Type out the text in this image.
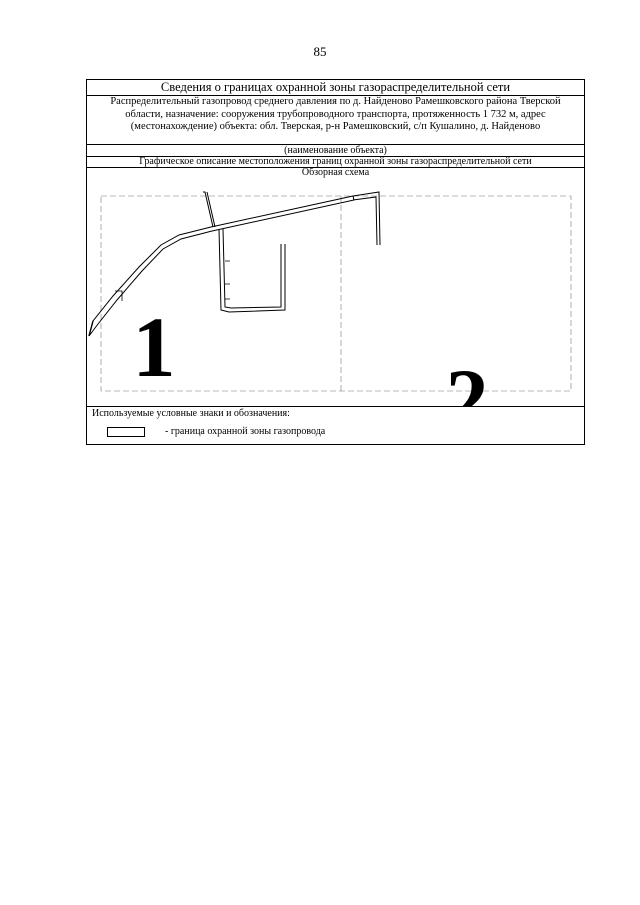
85
Сведения о границах охранной зоны газораспределительной сети
Распределительный газопровод среднего давления по д. Найденово Рамешковского района Тверской
области, назначение: сооружения трубопроводного транспорта, протяженность 1 732 м, адрес
(местонахождение) объекта: обл. Тверская, р-н Рамешковский, с/п Кушалино, д. Найденово
(наименование объекта)
Графическое описание местоположения границ охранной зоны газораспределительной сети
Обзорная схема
1
2
Используемые условные знаки и обозначения:
- граница охранной зоны газопровода
